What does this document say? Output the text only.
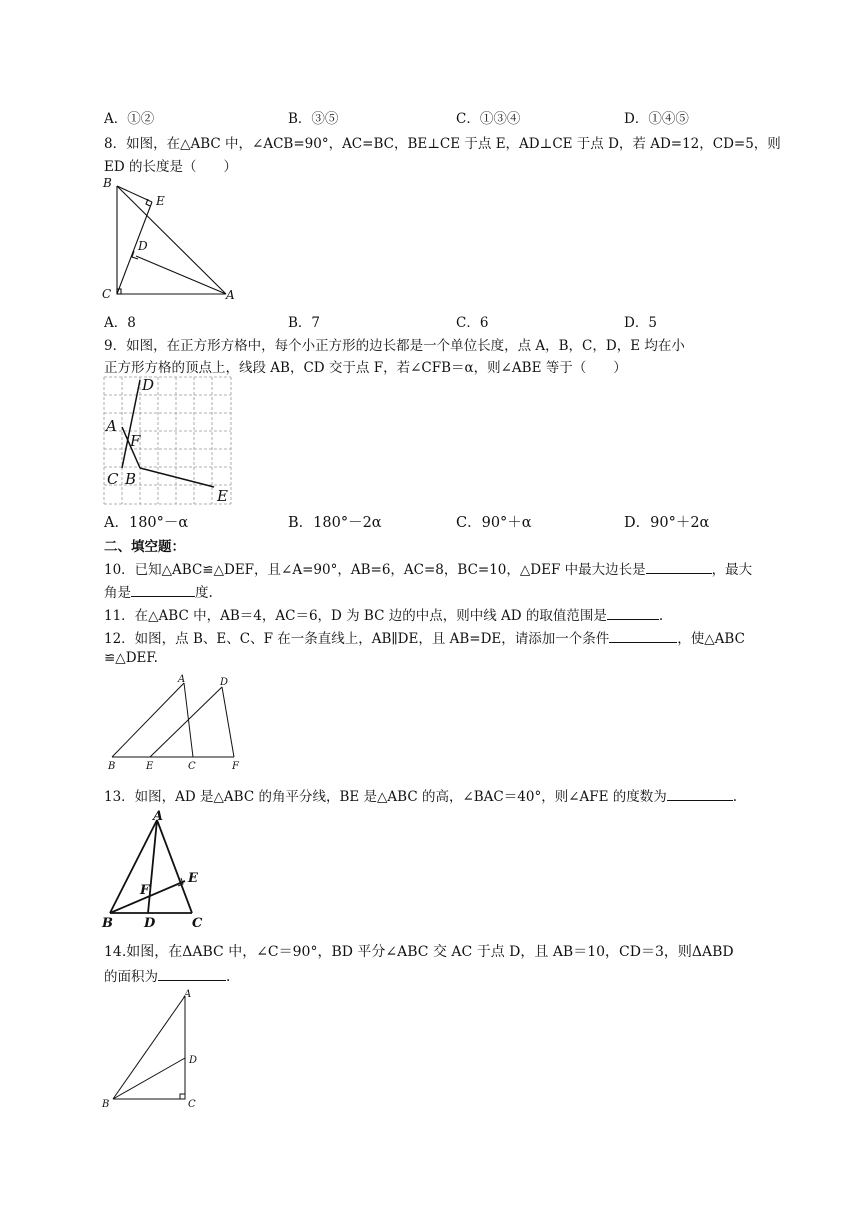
A．①②	B．③⑤	C．①③④	D．①④⑤
8．如图，在△ABC 中，∠ACB=90°，AC=BC，BE⊥CE 于点 E，AD⊥CE 于点 D，若 AD=12，CD=5，则
ED 的长度是（　　）
B
E
D
C	A
A．8	B．7	C．6	D．5
9．如图，在正方形方格中，每个小正方形的边长都是一个单位长度，点 A，B，C，D，E 均在小
正方形方格的顶点上，线段 AB，CD 交于点 F，若∠CFB＝α，则∠ABE 等于（　　）
D
A
F
C B
E
A．180°－α	B．180°－2α	C．90°＋α	D．90°＋2α
二、填空题：
10．已知△ABC≌△DEF，且∠A=90°，AB=6，AC=8，BC=10，△DEF 中最大边长是	，最大
角是	度.
11．在△ABC 中，AB＝4，AC＝6，D 为 BC 边的中点，则中线 AD 的取值范围是	.
12．如图，点 B、E、C、F 在一条直线上，AB∥DE，且 AB=DE，请添加一个条件	，使△ABC
≌△DEF.
A	D
B	E	C	F
13．如图，AD 是△ABC 的角平分线，BE 是△ABC 的高，∠BAC＝40°，则∠AFE 的度数为	.
A
E
F
B D	C
14.如图，在ΔABC 中，∠C＝90°，BD 平分∠ABC 交 AC 于点 D，且 AB＝10，CD＝3，则ΔABD
的面积为	.
A
D
B	C
